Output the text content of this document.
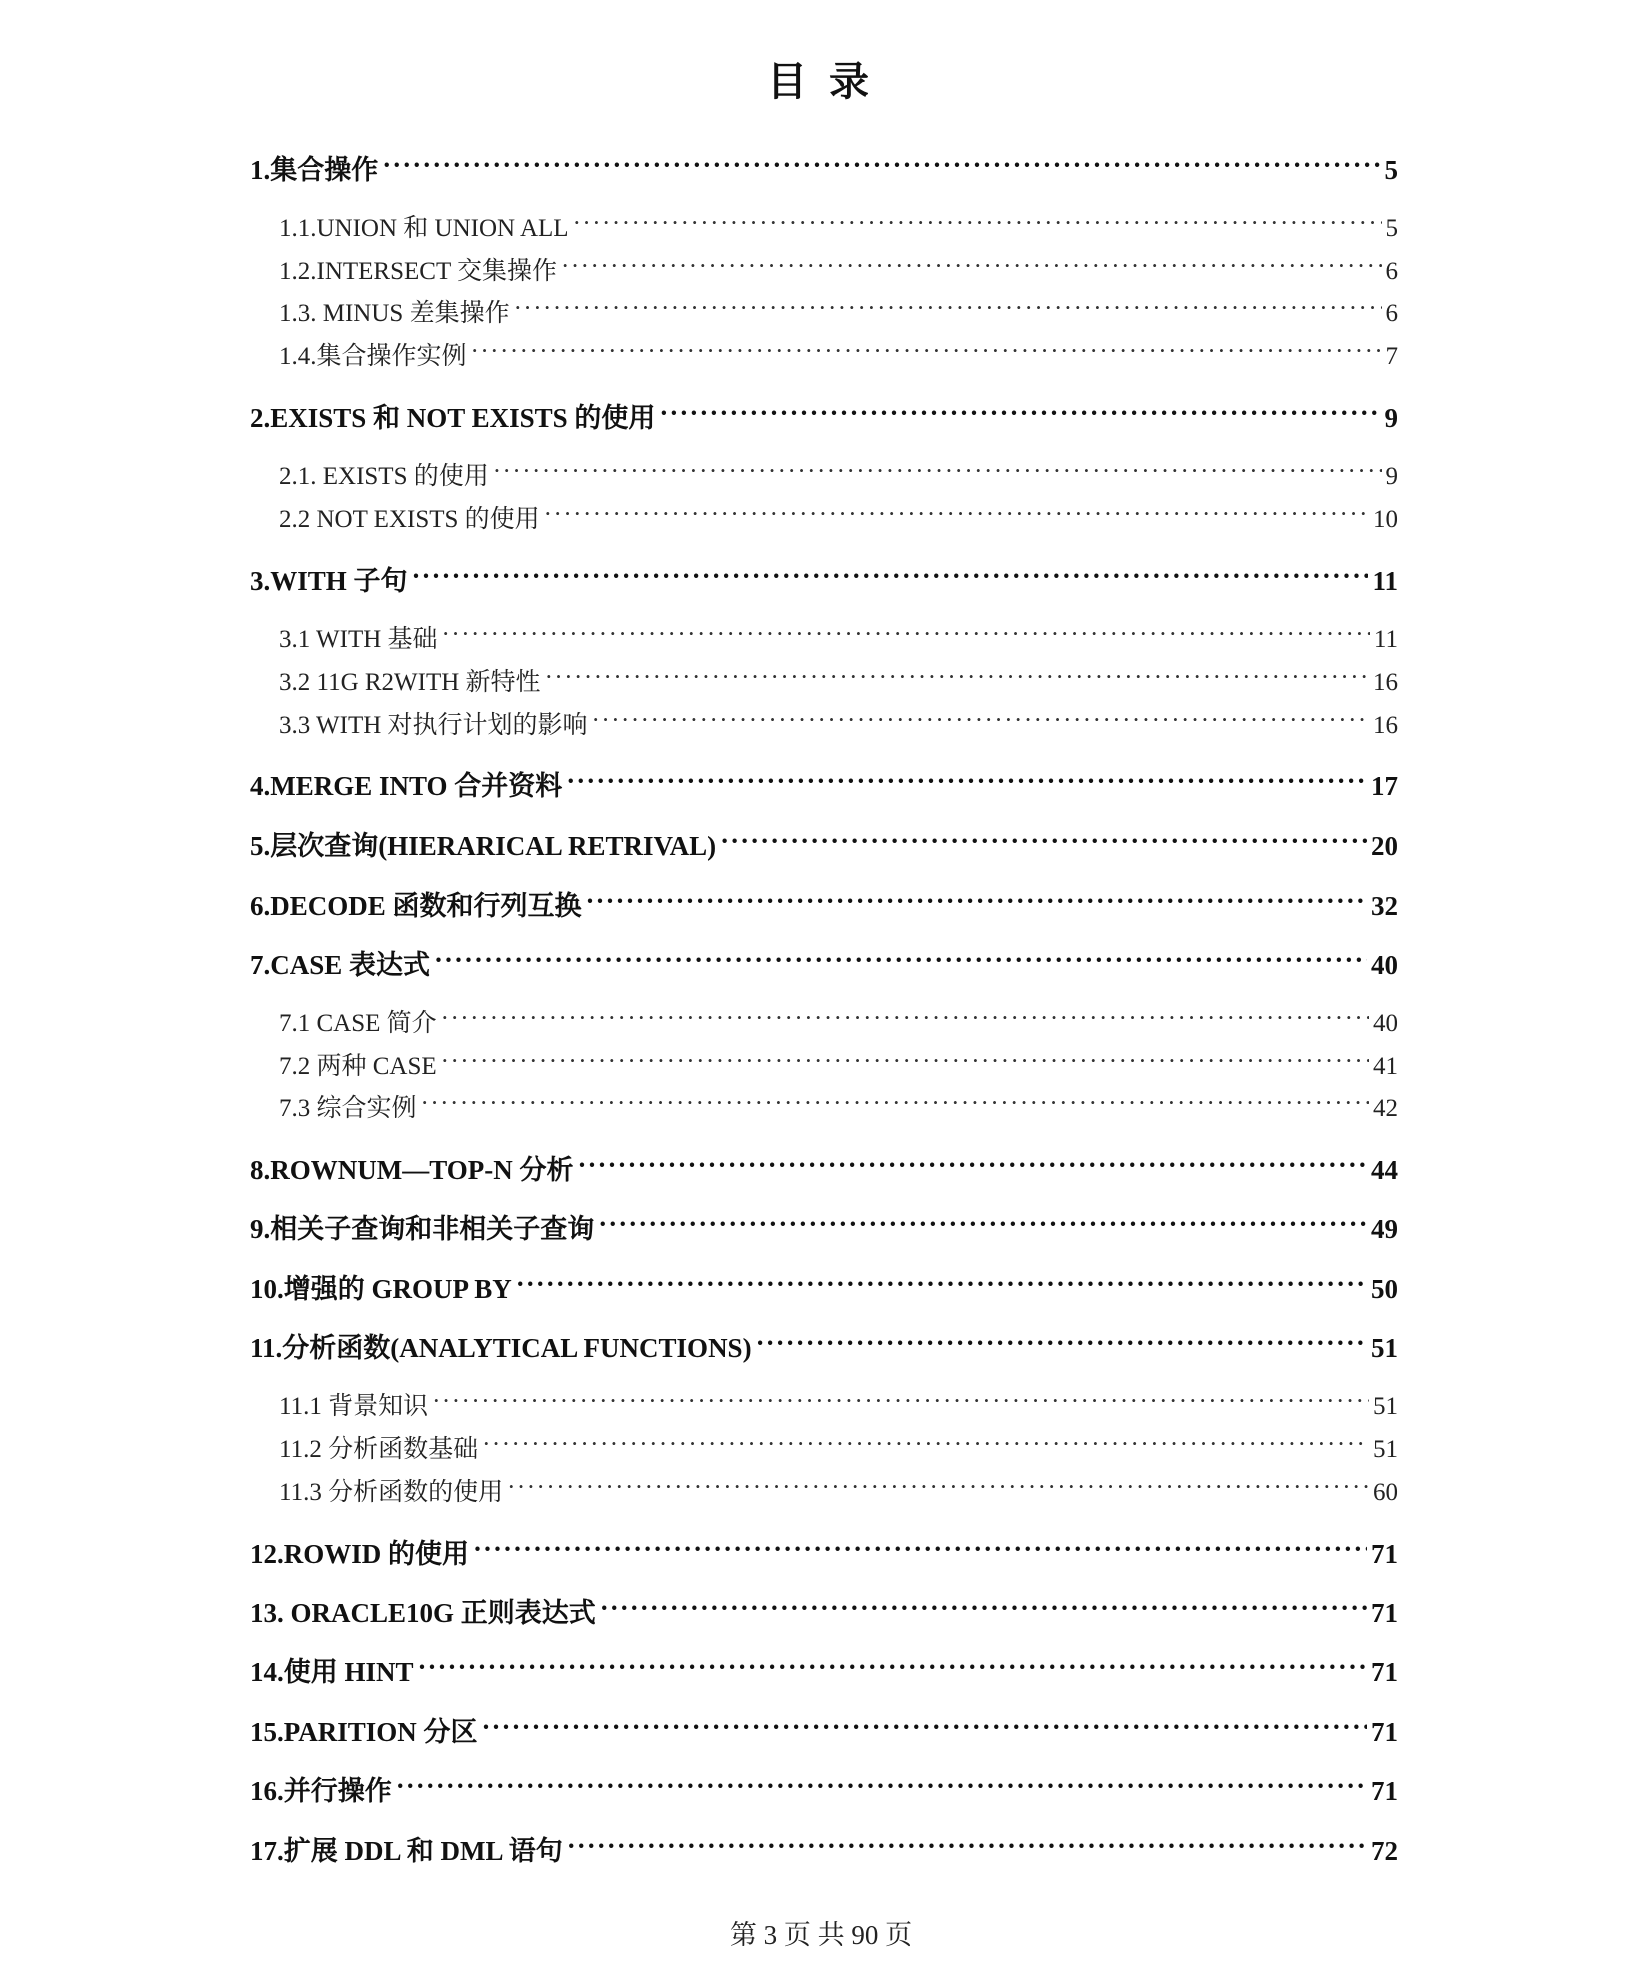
目 录
1.集合操作 ·····	5
1.1.UNION 和 UNION ALL ·····	5
1.2.INTERSECT 交集操作 ·····	6
1.3. MINUS 差集操作 ·····	6
1.4.集合操作实例 ·····	7
2.EXISTS 和 NOT EXISTS 的使用 ·····	9
2.1. EXISTS 的使用 ·····	9
2.2 NOT EXISTS 的使用 ·····	10
3.WITH 子句 ·····	11
3.1 WITH 基础 ·····	11
3.2 11G R2WITH 新特性 ·····	16
3.3 WITH 对执行计划的影响 ·····	16
4.MERGE INTO 合并资料 ·····	17
5.层次查询(HIERARICAL RETRIVAL) ·····	20
6.DECODE 函数和行列互换 ·····	32
7.CASE 表达式 ·····	40
7.1 CASE 简介 ·····	40
7.2 两种 CASE ·····	41
7.3 综合实例 ·····	42
8.ROWNUM—TOP-N 分析 ·····	44
9.相关子查询和非相关子查询 ·····	49
10.增强的 GROUP BY ·····	50
11.分析函数(ANALYTICAL FUNCTIONS) ·····	51
11.1 背景知识 ·····	51
11.2 分析函数基础 ·····	51
11.3 分析函数的使用 ·····	60
12.ROWID 的使用 ·····	71
13. ORACLE10G 正则表达式 ·····	71
14.使用 HINT ·····	71
15.PARITION 分区 ·····	71
16.并行操作 ·····	71
17.扩展 DDL 和 DML 语句 ·····	72
第 3 页 共 90 页
